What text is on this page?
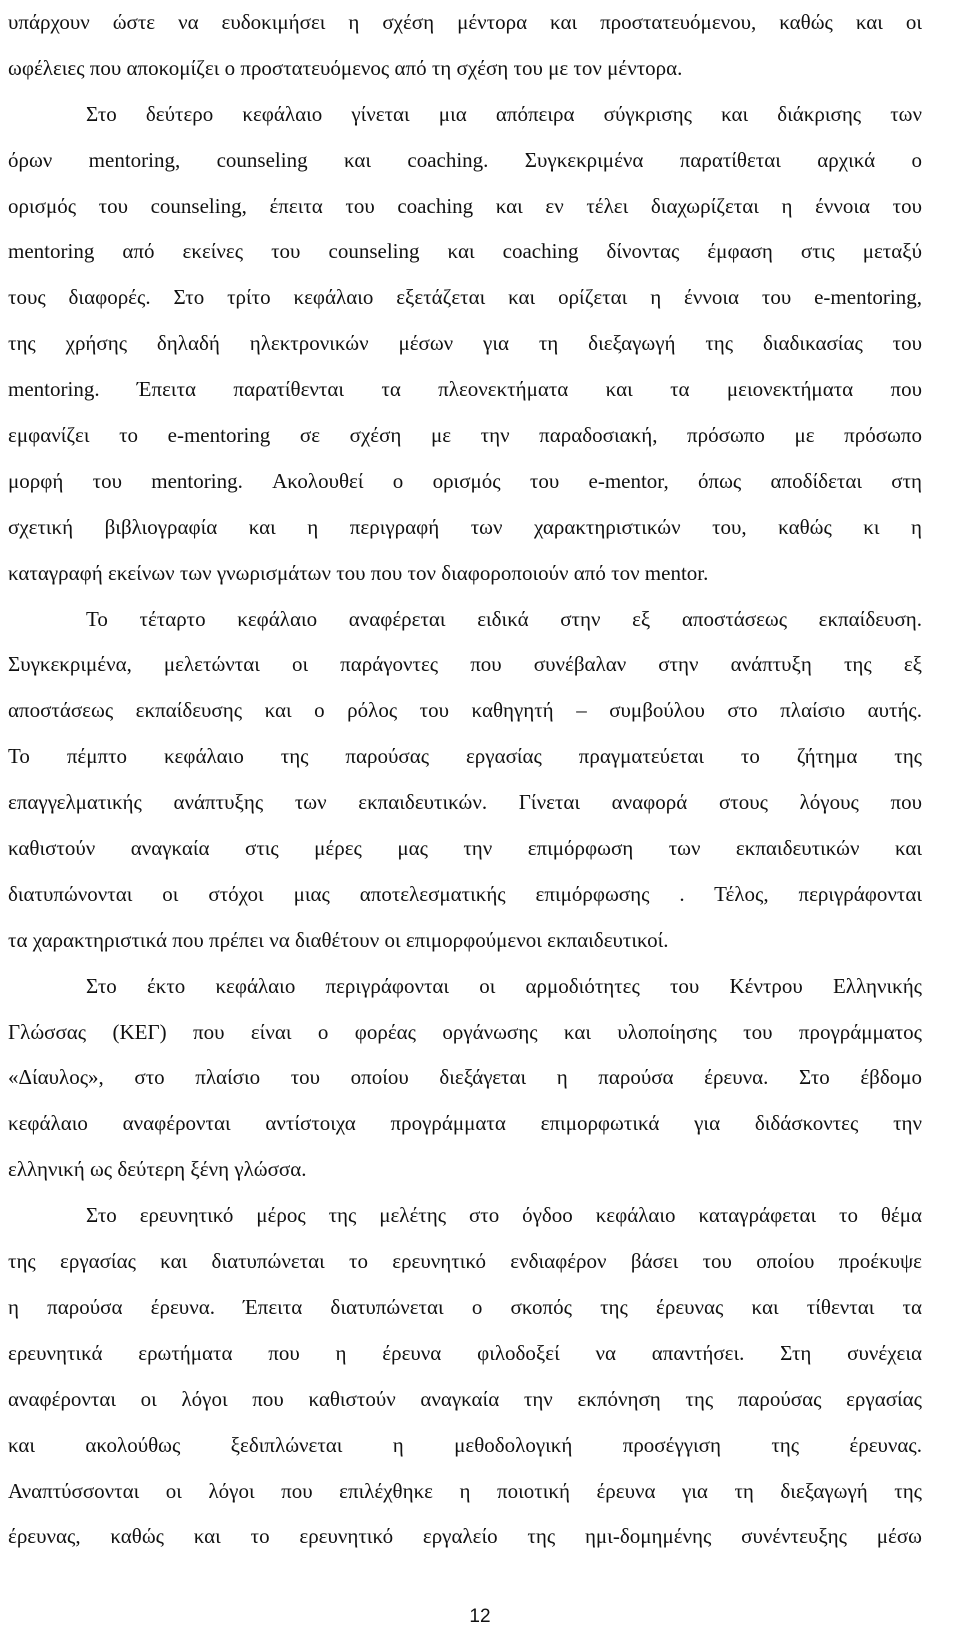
υπάρχουν ώστε να ευδοκιμήσει η σχέση μέντορα και προστατευόμενου, καθώς και οι
ωφέλειες που αποκομίζει ο προστατευόμενος από τη σχέση του με τον μέντορα.
Στο δεύτερο κεφάλαιο γίνεται μια απόπειρα σύγκρισης και διάκρισης των
όρων mentoring, counseling και coaching. Συγκεκριμένα παρατίθεται αρχικά ο
ορισμός του counseling, έπειτα του coaching και εν τέλει διαχωρίζεται η έννοια του
mentoring από εκείνες του counseling και coaching δίνοντας έμφαση στις μεταξύ
τους διαφορές. Στο τρίτο κεφάλαιο εξετάζεται και ορίζεται η έννοια του e-mentoring,
της χρήσης δηλαδή ηλεκτρονικών μέσων για τη διεξαγωγή της διαδικασίας του
mentoring. Έπειτα παρατίθενται τα πλεονεκτήματα και τα μειονεκτήματα που
εμφανίζει το e-mentoring σε σχέση με την παραδοσιακή, πρόσωπο με πρόσωπο
μορφή του mentoring. Ακολουθεί ο ορισμός του e-mentor, όπως αποδίδεται στη
σχετική βιβλιογραφία και η περιγραφή των χαρακτηριστικών του, καθώς κι η
καταγραφή εκείνων των γνωρισμάτων του που τον διαφοροποιούν από τον mentor.
Το τέταρτο κεφάλαιο αναφέρεται ειδικά στην εξ αποστάσεως εκπαίδευση.
Συγκεκριμένα, μελετώνται οι παράγοντες που συνέβαλαν στην ανάπτυξη της εξ
αποστάσεως εκπαίδευσης και ο ρόλος του καθηγητή – συμβούλου στο πλαίσιο αυτής.
Το πέμπτο κεφάλαιο της παρούσας εργασίας πραγματεύεται το ζήτημα της
επαγγελματικής ανάπτυξης των εκπαιδευτικών. Γίνεται αναφορά στους λόγους που
καθιστούν αναγκαία στις μέρες μας την επιμόρφωση των εκπαιδευτικών και
διατυπώνονται οι στόχοι μιας αποτελεσματικής επιμόρφωσης . Τέλος, περιγράφονται
τα χαρακτηριστικά που πρέπει να διαθέτουν οι επιμορφούμενοι εκπαιδευτικοί.
Στο έκτο κεφάλαιο περιγράφονται οι αρμοδιότητες του Κέντρου Ελληνικής
Γλώσσας (ΚΕΓ) που είναι ο φορέας οργάνωσης και υλοποίησης του προγράμματος
«Δίαυλος», στο πλαίσιο του οποίου διεξάγεται η παρούσα έρευνα. Στο έβδομο
κεφάλαιο αναφέρονται αντίστοιχα προγράμματα επιμορφωτικά για διδάσκοντες την
ελληνική ως δεύτερη ξένη γλώσσα.
Στο ερευνητικό μέρος της μελέτης στο όγδοο κεφάλαιο καταγράφεται το θέμα
της εργασίας και διατυπώνεται το ερευνητικό ενδιαφέρον βάσει του οποίου προέκυψε
η παρούσα έρευνα. Έπειτα διατυπώνεται ο σκοπός της έρευνας και τίθενται τα
ερευνητικά ερωτήματα που η έρευνα φιλοδοξεί να απαντήσει. Στη συνέχεια
αναφέρονται οι λόγοι που καθιστούν αναγκαία την εκπόνηση της παρούσας εργασίας
και ακολούθως ξεδιπλώνεται η μεθοδολογική προσέγγιση της έρευνας.
Αναπτύσσονται οι λόγοι που επιλέχθηκε η ποιοτική έρευνα για τη διεξαγωγή της
έρευνας, καθώς και το ερευνητικό εργαλείο της ημι-δομημένης συνέντευξης μέσω
12
